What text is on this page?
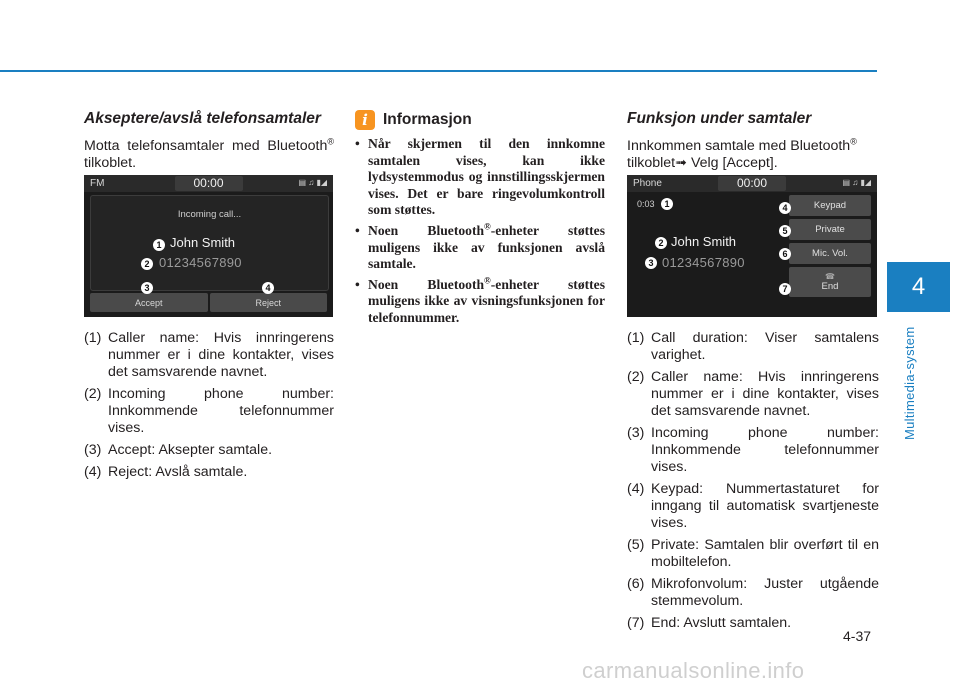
Akseptere/avslå telefonsamtaler

Motta telefonsamtaler med Bluetooth® tilkoblet.

FM	00:00	▤ ♫ ▮◢
Incoming call...
1 John Smith
2 01234567890
Accept	Reject
3	4
(1) Caller name: Hvis innringerens nummer er i dine kontakter, vises det samsvarende navnet.
(2) Incoming phone number: Innkommende telefonnummer vises.
(3) Accept: Aksepter samtale.
(4) Reject: Avslå samtale.
i Informasjon
• Når skjermen til den innkomne samtalen vises, kan ikke lydsystemmodus og innstillingsskjermen vises. Det er bare ringevolumkontroll som støttes.
• Noen Bluetooth®-enheter støttes muligens ikke av funksjonen avslå samtale.
• Noen Bluetooth®-enheter støttes muligens ikke av visningsfunksjonen for telefonnummer.
Funksjon under samtaler

Innkommen samtale med Bluetooth®
tilkoblet➟ Velg [Accept].

Phone	00:00	▤ ♫ ▮◢
0:03	1
2 John Smith
3 01234567890
Keypad
Private
Mic. Vol.
☎
End
4
5
6
7
(1) Call duration: Viser samtalens varighet.
(2) Caller name: Hvis innringerens nummer er i dine kontakter, vises det samsvarende navnet.
(3) Incoming phone number: Innkommende telefonnummer vises.
(4) Keypad: Nummertastaturet for inngang til automatisk svartjeneste vises.
(5) Private: Samtalen blir overført til en mobiltelefon.
(6) Mikrofonvolum: Juster utgående stemmevolum.
(7) End: Avslutt samtalen.
4
Multimedia-system
4-37
carmanualsonline.info
